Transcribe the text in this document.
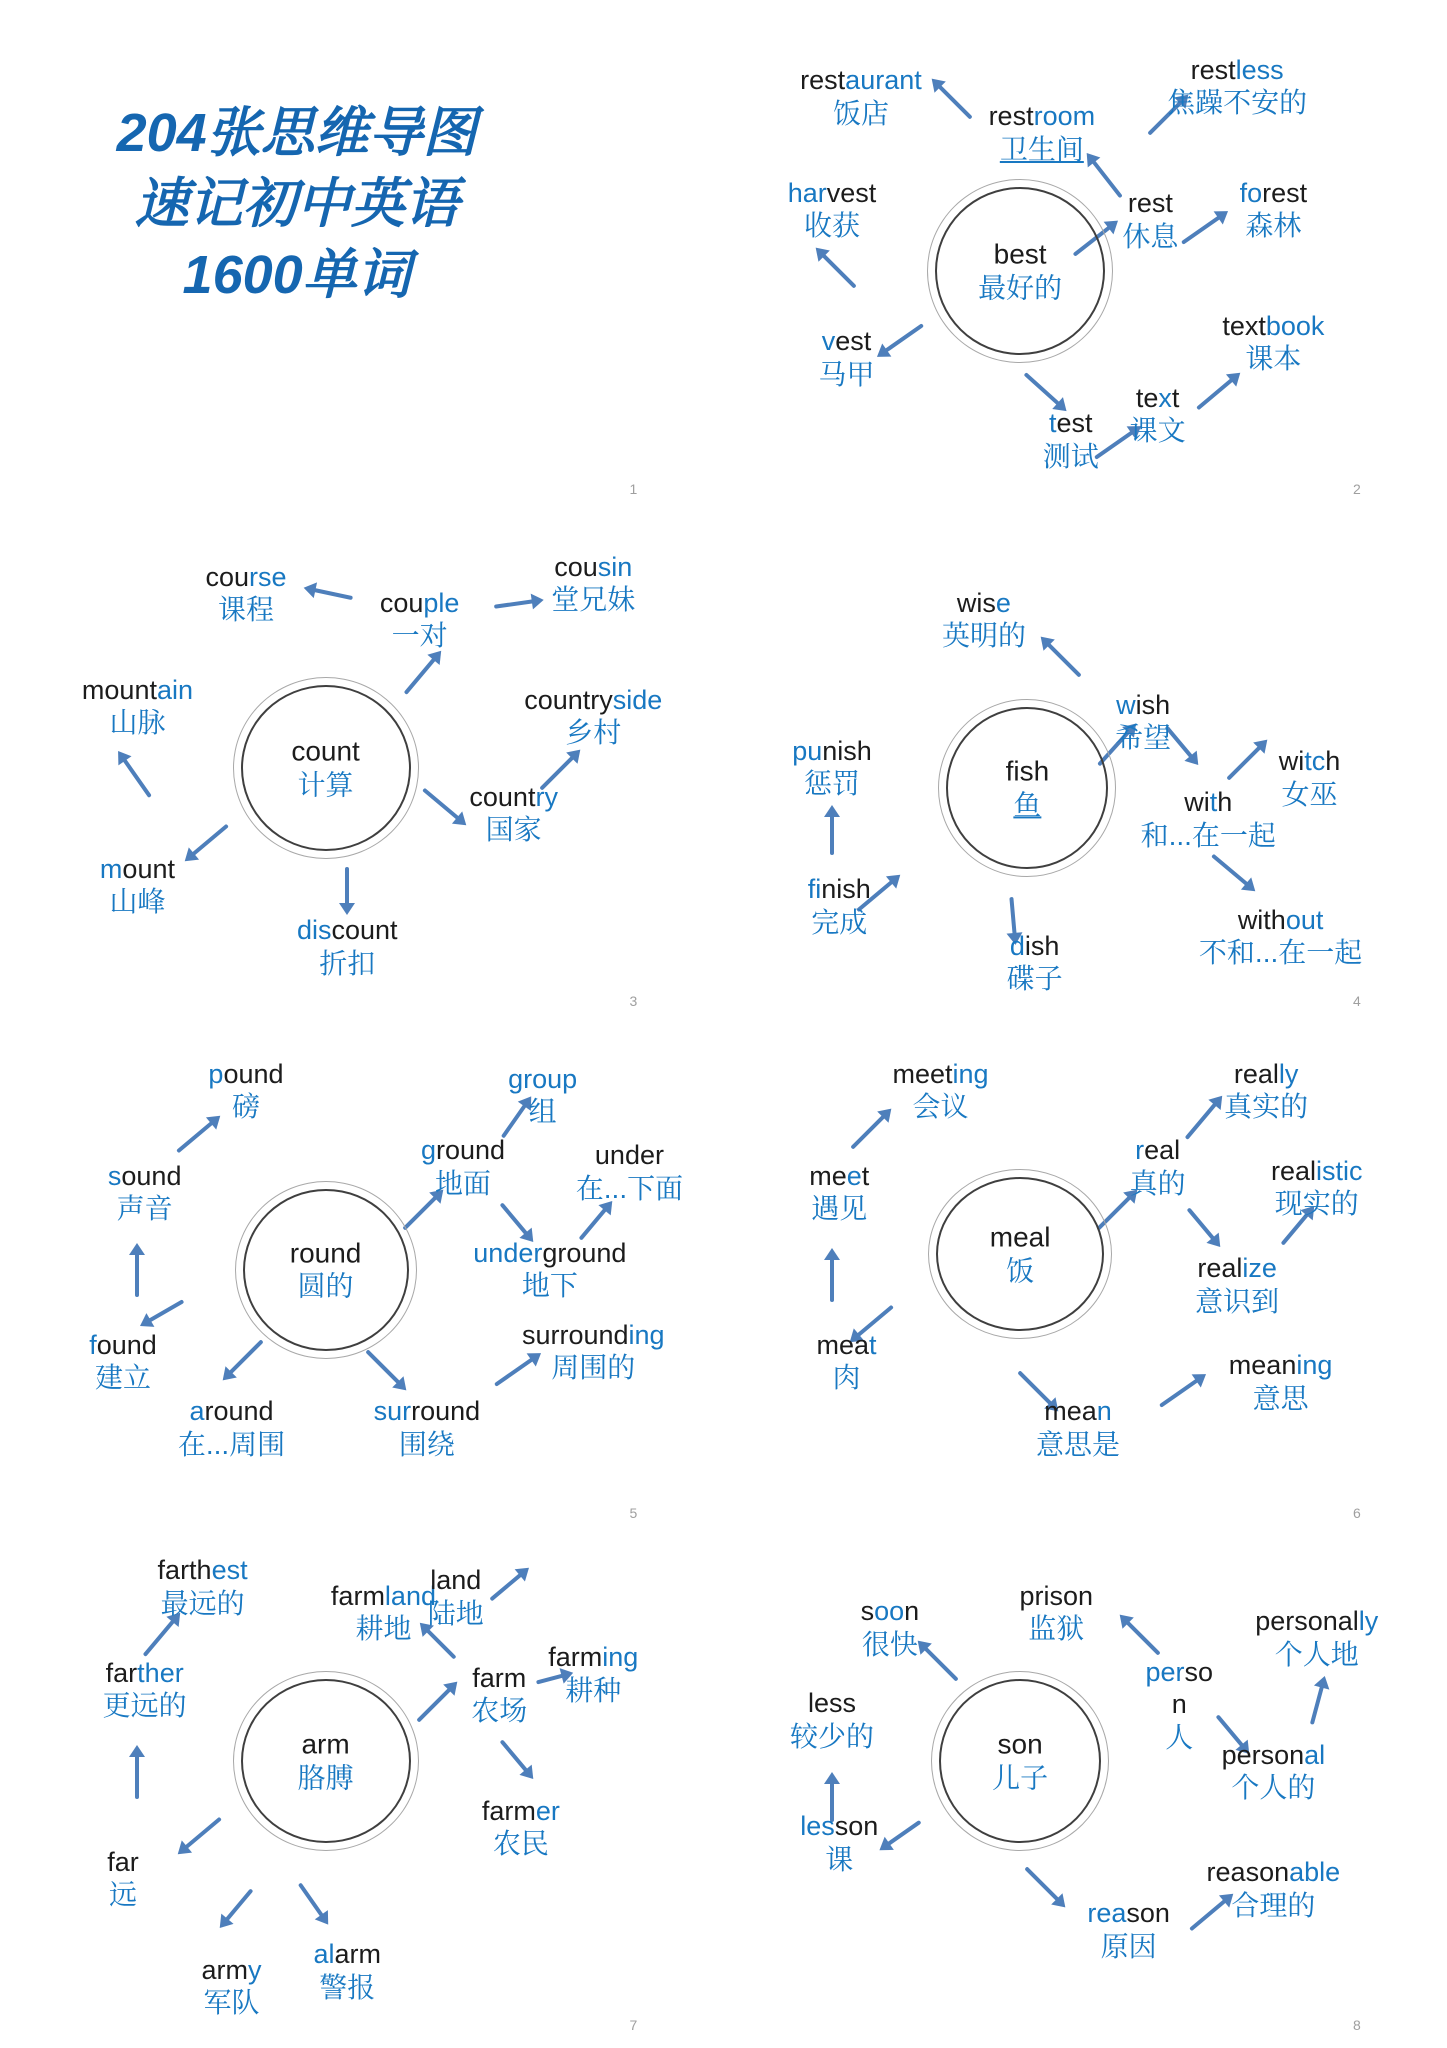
204张思维导图
速记初中英语
1600单词
1
best
最好的
restaurant
饭店	restroom
卫生间
restless
焦躁不安的
harvest
收获
rest
休息
forest
森林
vest
马甲
textbook
课本
test
测试
text
课文
2
count
计算
course
课程	couple
一对
cousin
堂兄妹
mountain
山脉
countryside
乡村
country
国家
mount
山峰
discount
折扣
3
fish
鱼
wise
英明的
wish
希望
punish
惩罚
witch
女巫
with
和...在一起
without
不和...在一起
finish
完成
dish
碟子
4
round
圆的
pound
磅
sound
声音
group
组
ground
地面
under
在...下面
underground
地下
surrounding
周围的
surround
围绕
found
建立
around
在...周围
5
meal
饭
meeting
会议
meet
遇见
really
真实的
real
真的	realistic
现实的
realize
意识到
meat
肉
mean
意思是
meaning
意思
6
arm
胳膊
farthest
最远的	farmland
耕地
land
陆地
farther
更远的
farm
农场
farming
耕种
farmer
农民
far
远
army
军队
alarm
警报
7
son
儿子
soon
很快
prison
监狱	personally
个人地
less
较少的
perso
n
人
personal
个人的
lesson
课
reason
原因
reasonable
合理的
8
